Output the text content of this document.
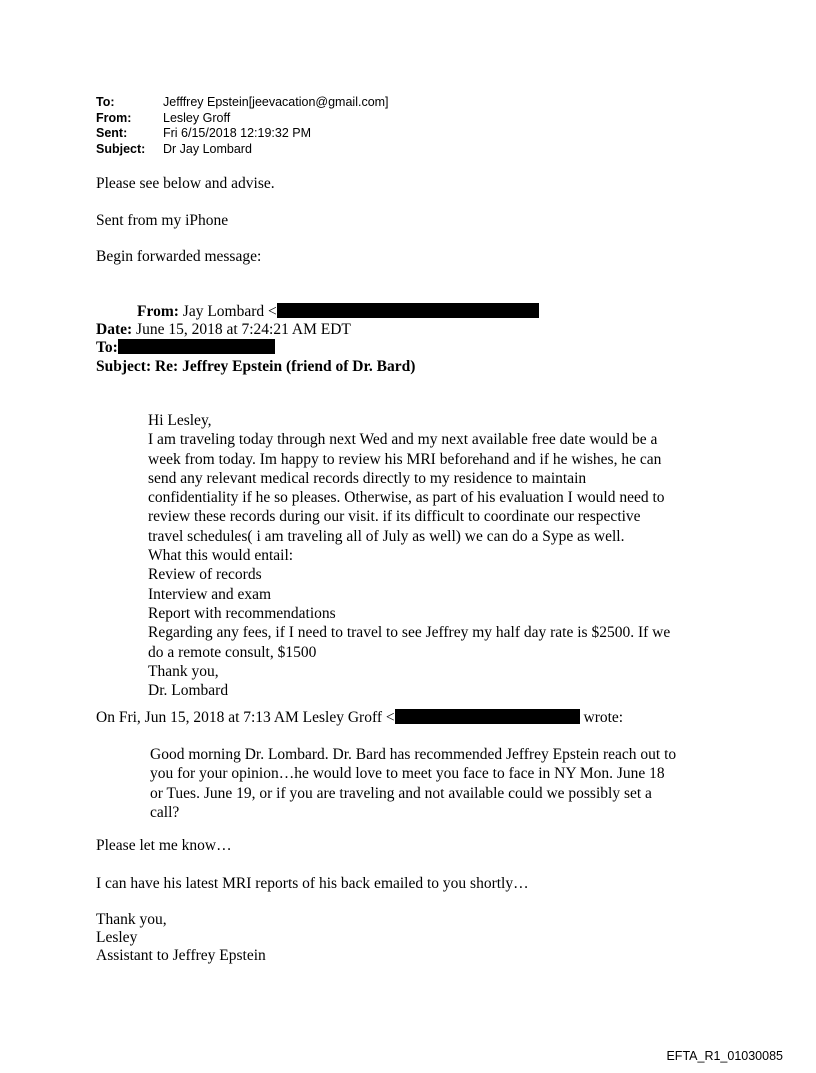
To:	Jefffrey Epstein[jeevacation@gmail.com]
From:	Lesley Groff
Sent:	Fri 6/15/2018 12:19:32 PM
Subject:	Dr Jay Lombard
Please see below and advise.
Sent from my iPhone
Begin forwarded message:
From: Jay Lombard <
Date: June 15, 2018 at 7:24:21 AM EDT
To:
Subject: Re: Jeffrey Epstein (friend of Dr. Bard)
Hi Lesley,
I am traveling today through next Wed and my next available free date would be a week from today. Im happy to review his MRI beforehand and if he wishes, he can send any relevant medical records directly to my residence to maintain confidentiality if he so pleases. Otherwise, as part of his evaluation I would need to review these records during our visit. if its difficult to coordinate our respective travel schedules( i am traveling all of July as well) we can do a Sype as well.
What this would entail:
Review of records
Interview and exam
Report with recommendations
Regarding any fees, if I need to travel to see Jeffrey my half day rate is $2500. If we do a remote consult, $1500
Thank you,
Dr. Lombard
On Fri, Jun 15, 2018 at 7:13 AM Lesley Groff <	wrote:
Good morning Dr. Lombard. Dr. Bard has recommended Jeffrey Epstein reach out to you for your opinion…he would love to meet you face to face in NY Mon. June 18 or Tues. June 19, or if you are traveling and not available could we possibly set a call?
Please let me know…
I can have his latest MRI reports of his back emailed to you shortly…
Thank you,
Lesley
Assistant to Jeffrey Epstein
EFTA_R1_01030085
